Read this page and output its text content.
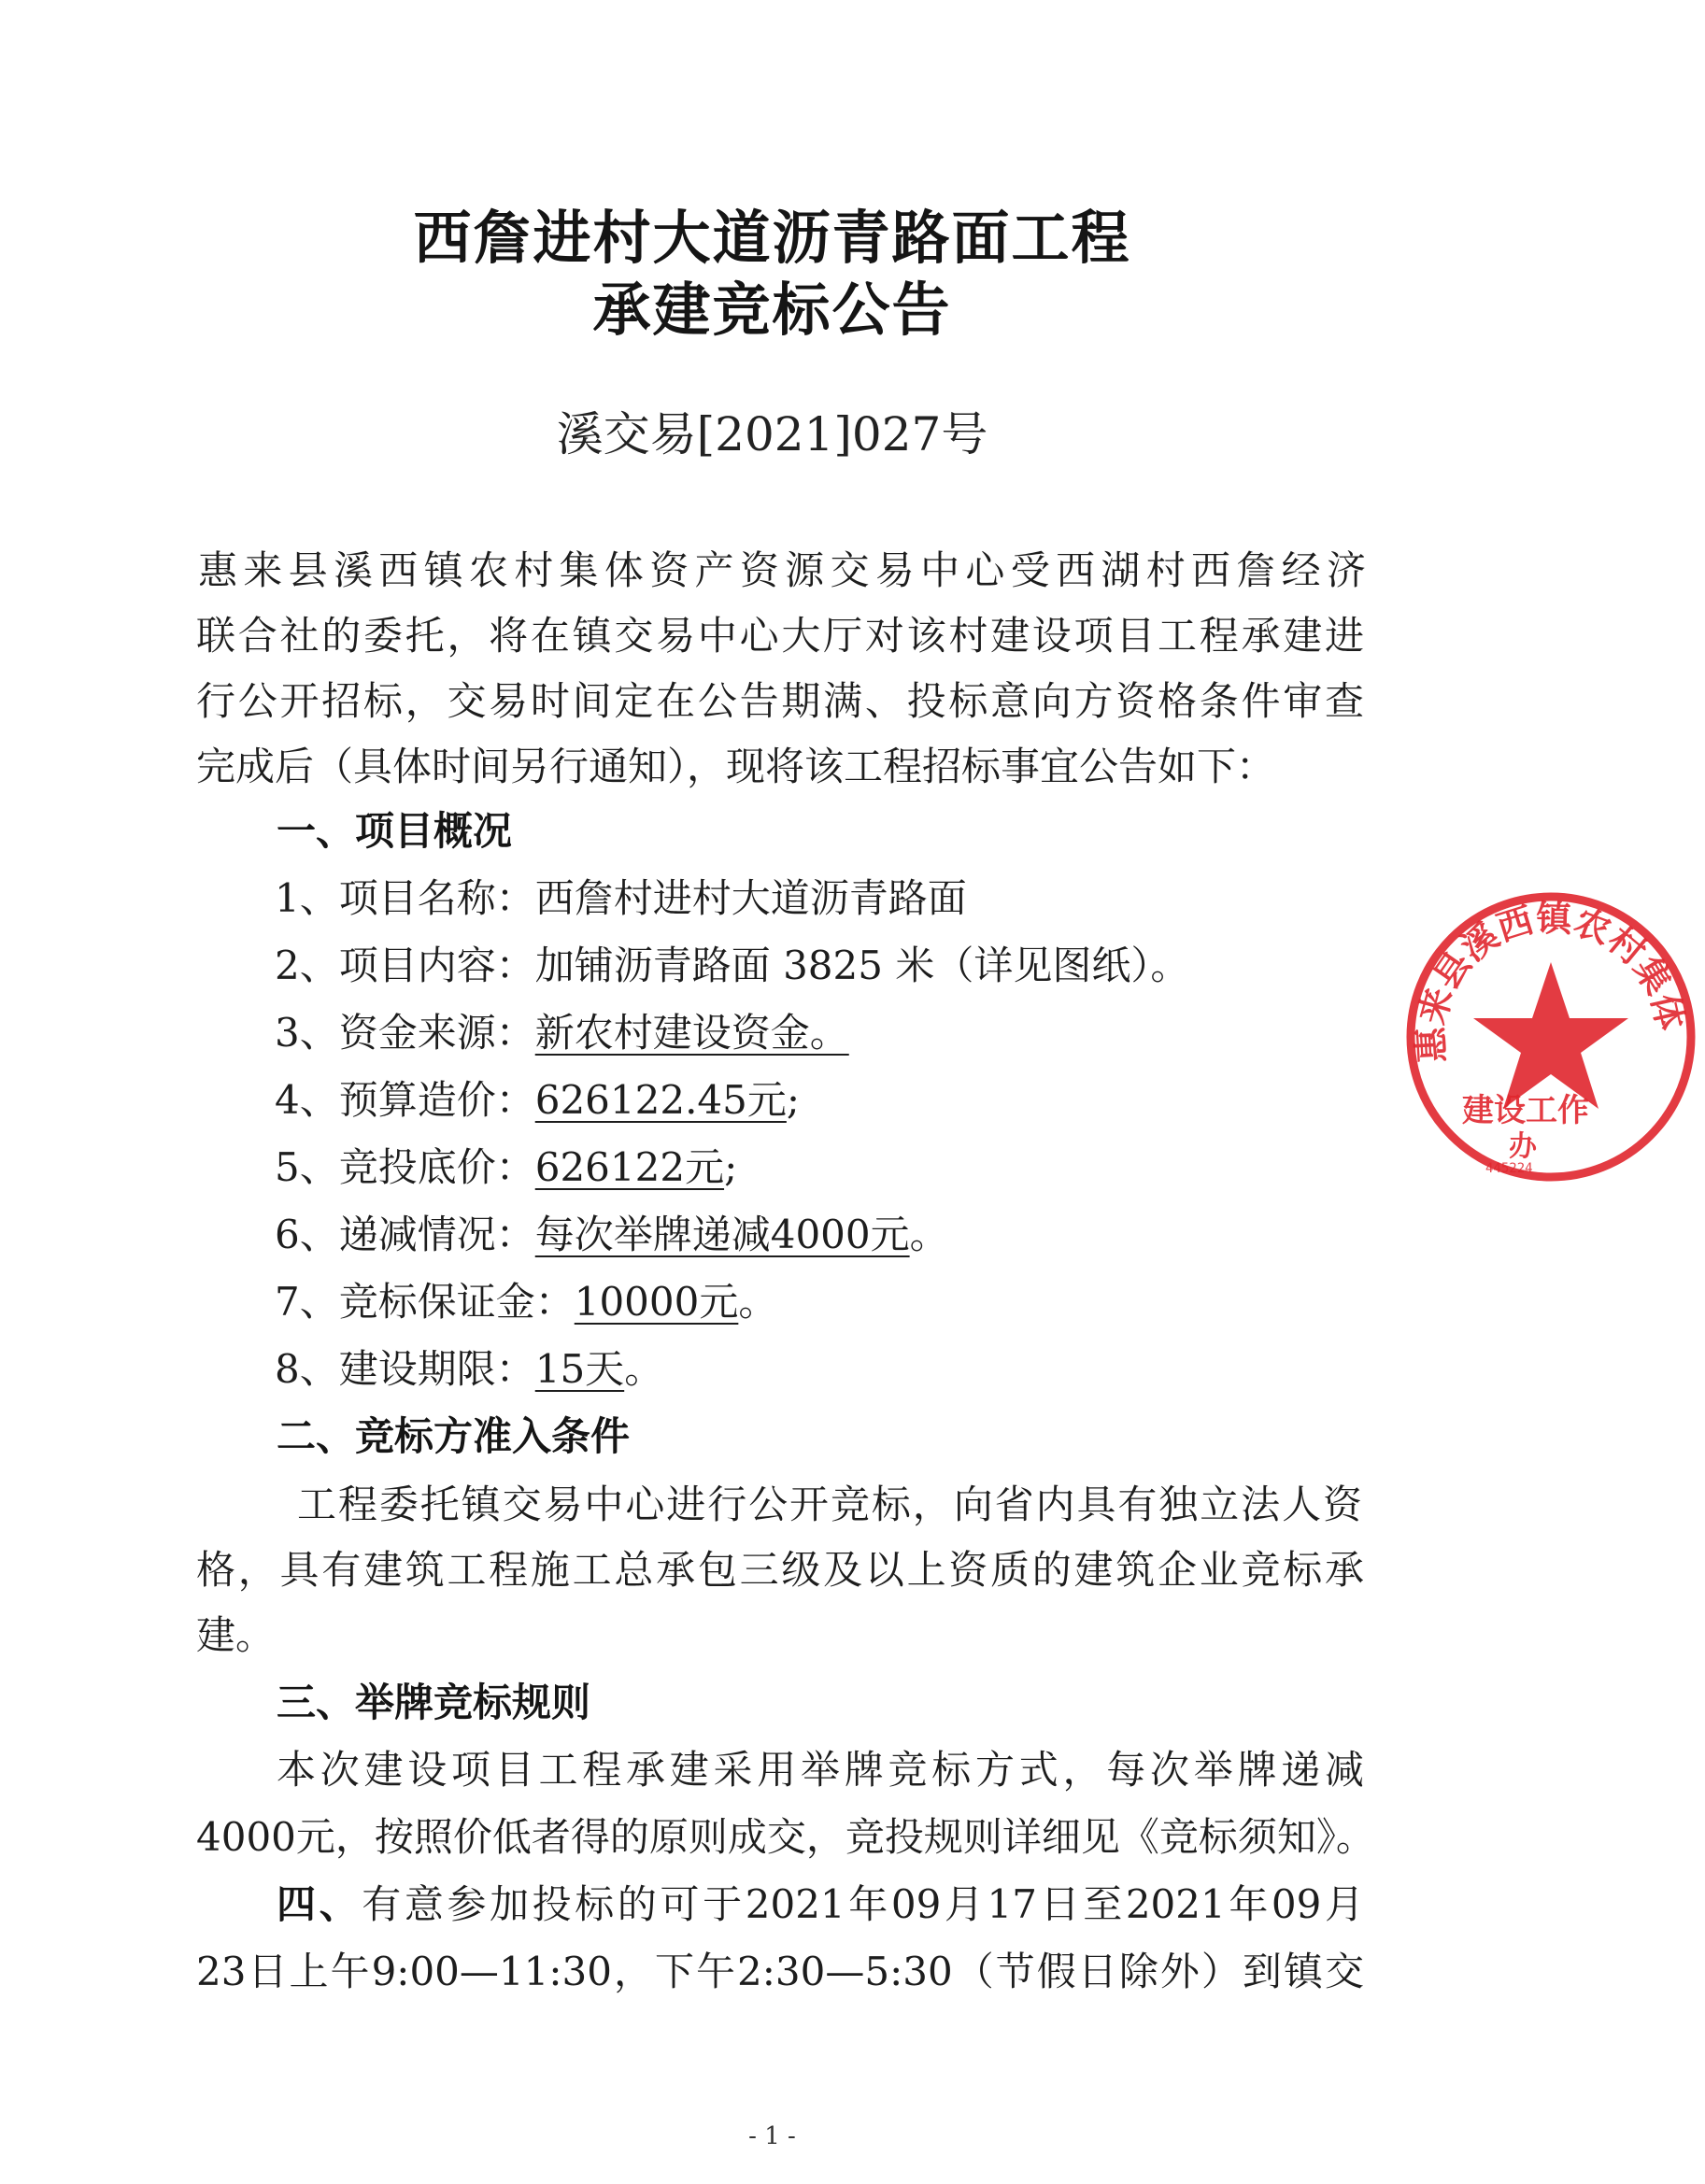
西詹进村大道沥青路面工程
承建竞标公告
溪交易[2021]027号
惠来县溪西镇农村集体资产资源交易中心受西湖村西詹经济
联合社的委托，将在镇交易中心大厅对该村建设项目工程承建进
行公开招标，交易时间定在公告期满、投标意向方资格条件审查
完成后（具体时间另行通知），现将该工程招标事宜公告如下：
一、项目概况
1、项目名称：西詹村进村大道沥青路面
2、项目内容：加铺沥青路面 3825 米（详见图纸）。
3、资金来源：新农村建设资金。
4、预算造价：626122.45元;
5、竞投底价：626122元;
6、递减情况：每次举牌递减4000元。
7、竞标保证金：10000元。
8、建设期限：15天。
二、竞标方准入条件
工程委托镇交易中心进行公开竞标，向省内具有独立法人资
格，具有建筑工程施工总承包三级及以上资质的建筑企业竞标承
建。
三、举牌竞标规则
本次建设项目工程承建采用举牌竞标方式，每次举牌递减
4000元，按照价低者得的原则成交，竞投规则详细见《竞标须知》。
四、有意参加投标的可于2021年09月17日至2021年09月
23日上午9:00—11:30，下午2:30—5:30（节假日除外）到镇交
惠来县溪西镇农村集体
建设工作
办
445224
- 1 -
